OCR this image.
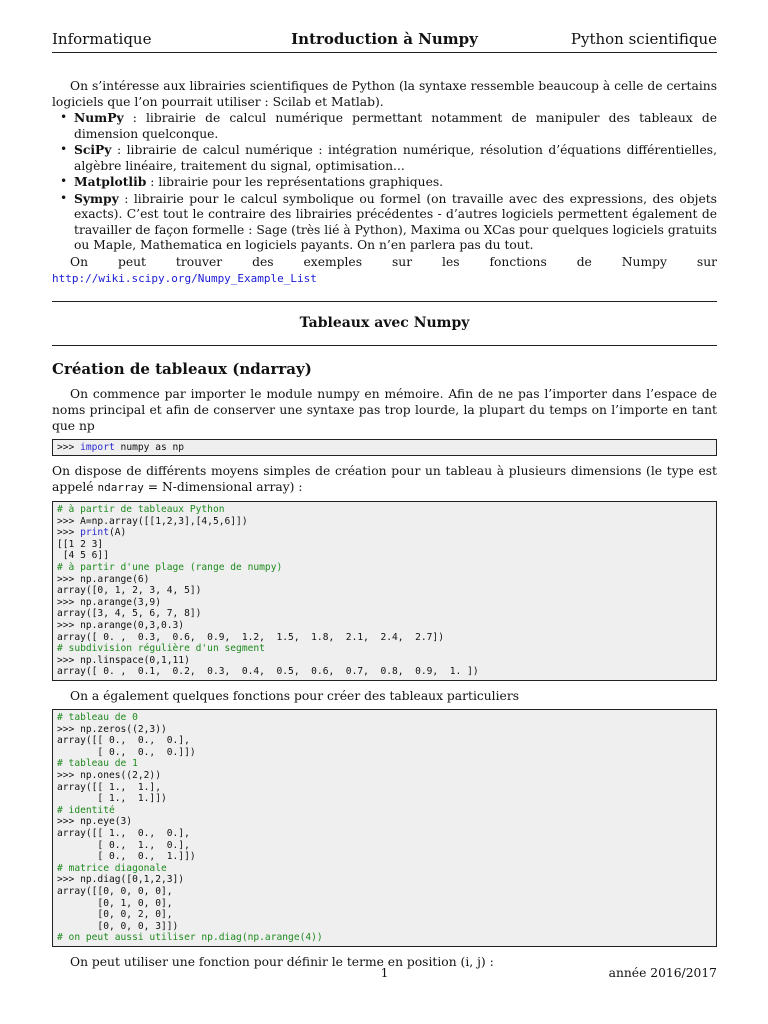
Informatique	Introduction à Numpy	Python scientifique

On s’intéresse aux librairies scientifiques de Python (la syntaxe ressemble beaucoup à celle de certains logiciels que l’on pourrait utiliser : Scilab et Matlab).

• NumPy : librairie de calcul numérique permettant notamment de manipuler des tableaux de dimension quelconque.
• SciPy : librairie de calcul numérique : intégration numérique, résolution d’équations différentielles, algèbre linéaire, traitement du signal, optimisation...
• Matplotlib : librairie pour les représentations graphiques.
• Sympy : librairie pour le calcul symbolique ou formel (on travaille avec des expressions, des objets exacts). C’est tout le contraire des librairies précédentes - d’autres logiciels permettent également de travailler de façon formelle : Sage (très lié à Python), Maxima ou XCas pour quelques logiciels gratuits ou Maple, Mathematica en logiciels payants. On n’en parlera pas du tout.

On peut trouver des exemples sur les fonctions de Numpy sur http://wiki.scipy.org/Numpy_Example_List

Tableaux avec Numpy
Création de tableaux (ndarray)

On commence par importer le module numpy en mémoire. Afin de ne pas l’importer dans l’espace de noms principal et afin de conserver une syntaxe pas trop lourde, la plupart du temps on l’importe en tant que np

>>> import numpy as np

On dispose de différents moyens simples de création pour un tableau à plusieurs dimensions (le type est appelé ndarray = N-dimensional array) :

# à partir de tableaux Python
>>> A=np.array([[1,2,3],[4,5,6]])
>>> print(A)
[[1 2 3]
[4 5 6]]
# à partir d'une plage (range de numpy)
>>> np.arange(6)
array([0, 1, 2, 3, 4, 5])
>>> np.arange(3,9)
array([3, 4, 5, 6, 7, 8])
>>> np.arange(0,3,0.3)
array([ 0. ,  0.3,  0.6,  0.9,  1.2,  1.5,  1.8,  2.1,  2.4,  2.7])
# subdivision régulière d'un segment
>>> np.linspace(0,1,11)
array([ 0. ,  0.1,  0.2,  0.3,  0.4,  0.5,  0.6,  0.7,  0.8,  0.9,  1. ])

On a également quelques fonctions pour créer des tableaux particuliers

# tableau de 0
>>> np.zeros((2,3))
array([[ 0.,  0.,  0.],
[ 0.,  0.,  0.]])
# tableau de 1
>>> np.ones((2,2))
array([[ 1.,  1.],
[ 1.,  1.]])
# identité
>>> np.eye(3)
array([[ 1.,  0.,  0.],
[ 0.,  1.,  0.],
[ 0.,  0.,  1.]])
# matrice diagonale
>>> np.diag([0,1,2,3])
array([[0, 0, 0, 0],
[0, 1, 0, 0],
[0, 0, 2, 0],
[0, 0, 0, 3]])
# on peut aussi utiliser np.diag(np.arange(4))

On peut utiliser une fonction pour définir le terme en position (i, j) :

1	année 2016/2017
